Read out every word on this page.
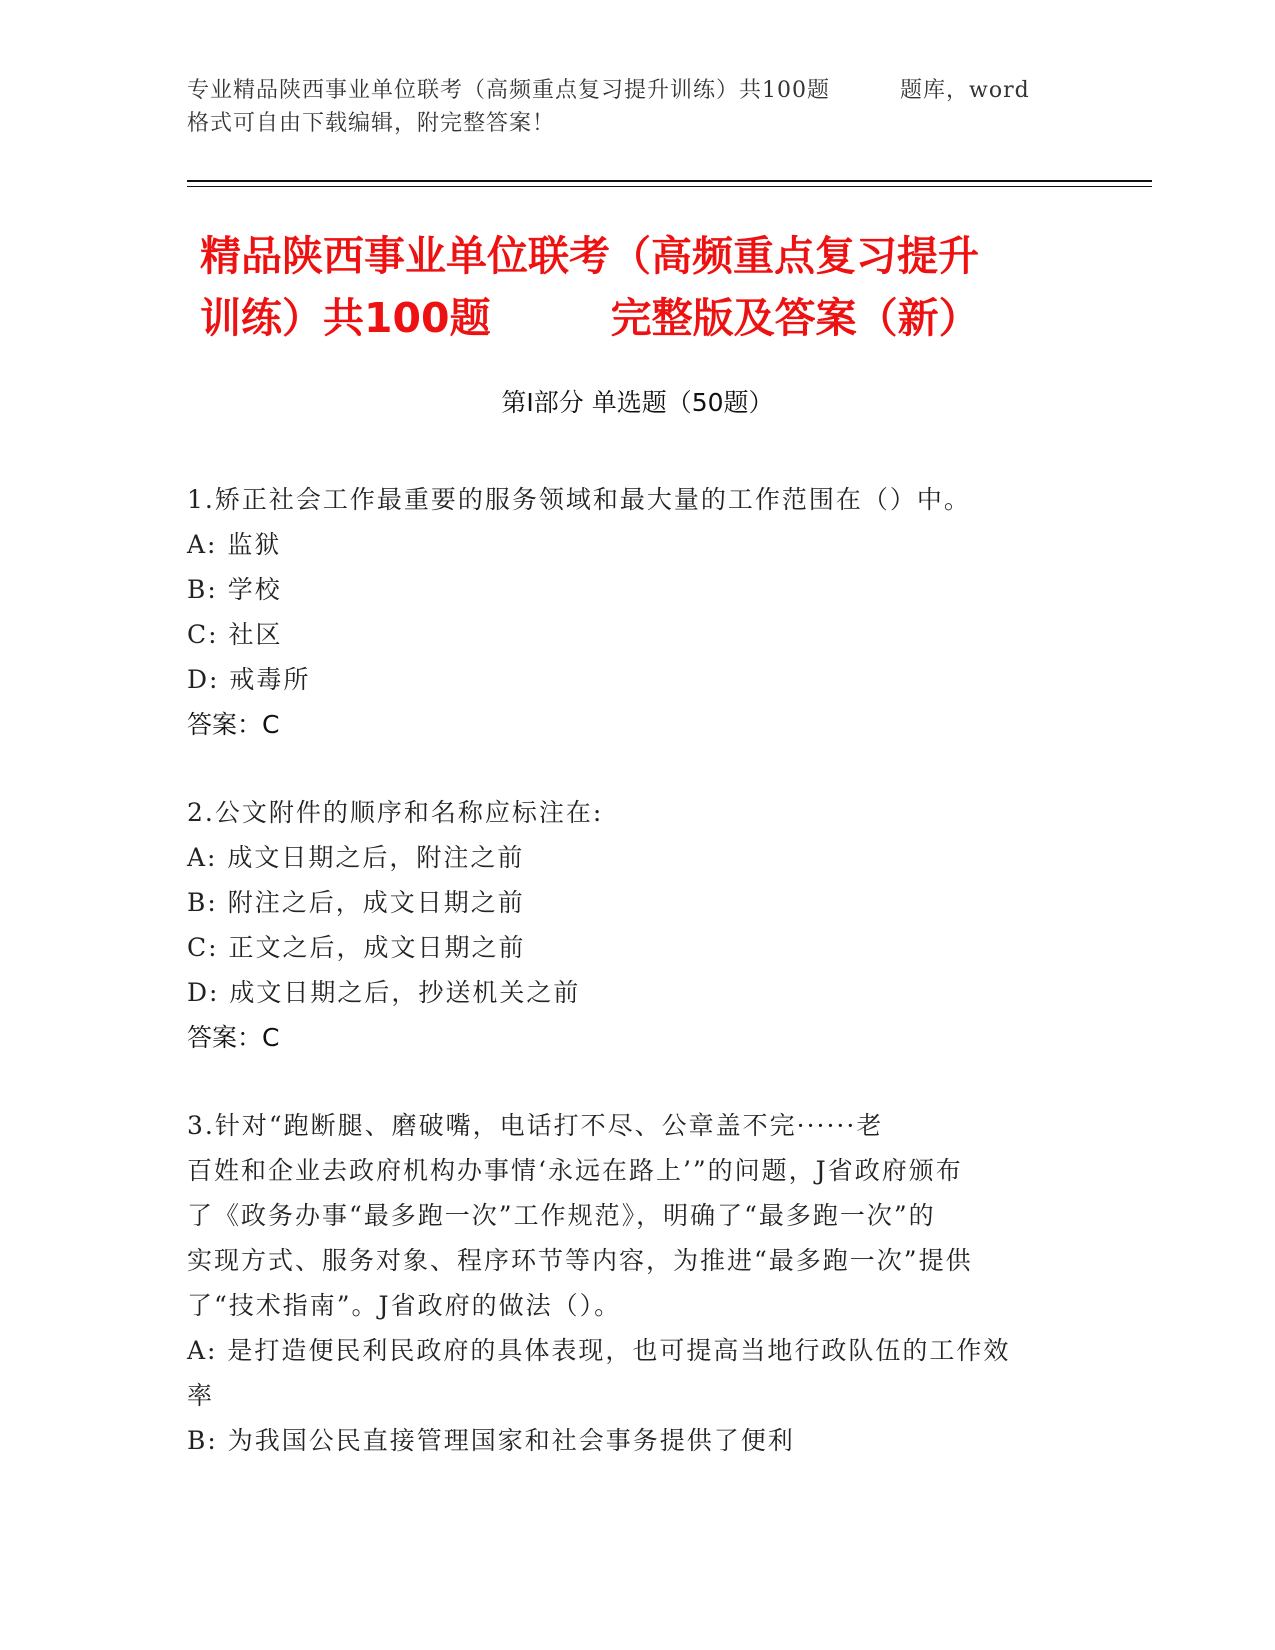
专业精品陕西事业单位联考（高频重点复习提升训练）共100题	题库，word
格式可自由下载编辑，附完整答案！
精品陕西事业单位联考（高频重点复习提升
训练）共100题	完整版及答案（新）
第Ⅰ部分 单选题（50题）
1.矫正社会工作最重要的服务领域和最大量的工作范围在（）中。
A: 监狱
B: 学校
C: 社区
D: 戒毒所
答案：C
2.公文附件的顺序和名称应标注在:
A: 成文日期之后，附注之前
B: 附注之后，成文日期之前
C: 正文之后，成文日期之前
D: 成文日期之后，抄送机关之前
答案：C
3.针对“跑断腿、磨破嘴，电话打不尽、公章盖不完······老
百姓和企业去政府机构办事情‘永远在路上’”的问题，J省政府颁布
了《政务办事“最多跑一次”工作规范》，明确了“最多跑一次”的
实现方式、服务对象、程序环节等内容，为推进“最多跑一次”提供
了“技术指南”。J省政府的做法（）。
A: 是打造便民利民政府的具体表现，也可提高当地行政队伍的工作效
率
B: 为我国公民直接管理国家和社会事务提供了便利
